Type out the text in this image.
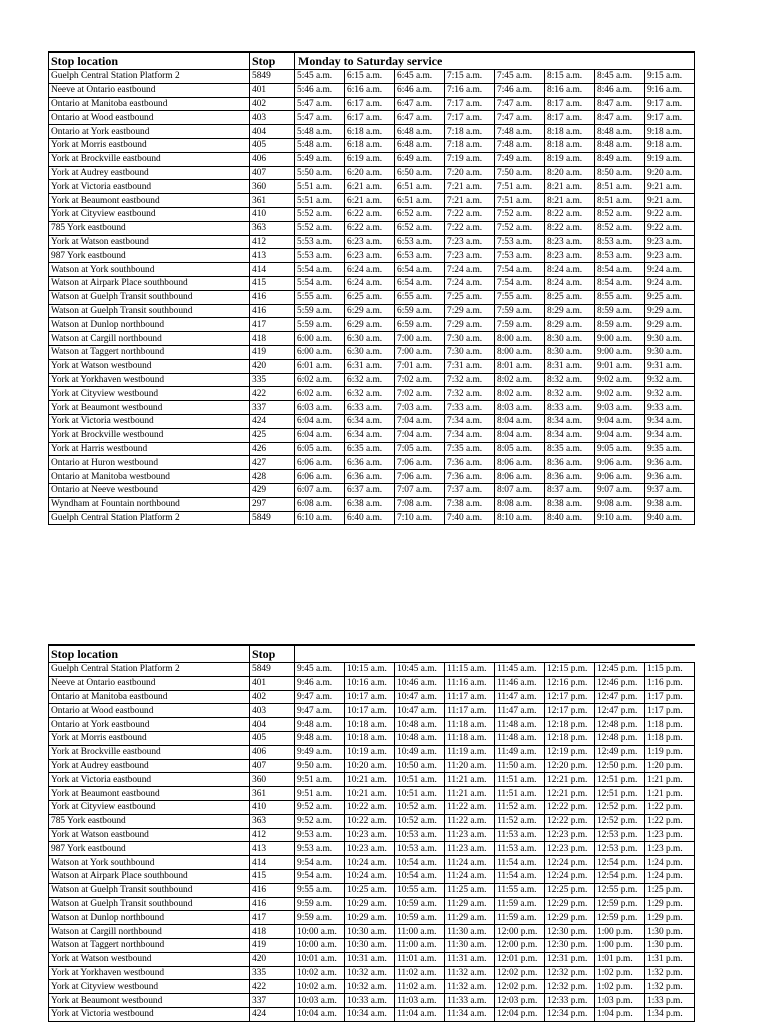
Stop location	Stop	Monday to Saturday service							
Guelph Central Station Platform 2	5849	5:45 a.m.	6:15 a.m.	6:45 a.m.	7:15 a.m.	7:45 a.m.	8:15 a.m.	8:45 a.m.	9:15 a.m.
Neeve at Ontario eastbound	401	5:46 a.m.	6:16 a.m.	6:46 a.m.	7:16 a.m.	7:46 a.m.	8:16 a.m.	8:46 a.m.	9:16 a.m.
Ontario at Manitoba eastbound	402	5:47 a.m.	6:17 a.m.	6:47 a.m.	7:17 a.m.	7:47 a.m.	8:17 a.m.	8:47 a.m.	9:17 a.m.
Ontario at Wood eastbound	403	5:47 a.m.	6:17 a.m.	6:47 a.m.	7:17 a.m.	7:47 a.m.	8:17 a.m.	8:47 a.m.	9:17 a.m.
Ontario at York eastbound	404	5:48 a.m.	6:18 a.m.	6:48 a.m.	7:18 a.m.	7:48 a.m.	8:18 a.m.	8:48 a.m.	9:18 a.m.
York at Morris eastbound	405	5:48 a.m.	6:18 a.m.	6:48 a.m.	7:18 a.m.	7:48 a.m.	8:18 a.m.	8:48 a.m.	9:18 a.m.
York at Brockville eastbound	406	5:49 a.m.	6:19 a.m.	6:49 a.m.	7:19 a.m.	7:49 a.m.	8:19 a.m.	8:49 a.m.	9:19 a.m.
York at Audrey eastbound	407	5:50 a.m.	6:20 a.m.	6:50 a.m.	7:20 a.m.	7:50 a.m.	8:20 a.m.	8:50 a.m.	9:20 a.m.
York at Victoria eastbound	360	5:51 a.m.	6:21 a.m.	6:51 a.m.	7:21 a.m.	7:51 a.m.	8:21 a.m.	8:51 a.m.	9:21 a.m.
York at Beaumont eastbound	361	5:51 a.m.	6:21 a.m.	6:51 a.m.	7:21 a.m.	7:51 a.m.	8:21 a.m.	8:51 a.m.	9:21 a.m.
York at Cityview eastbound	410	5:52 a.m.	6:22 a.m.	6:52 a.m.	7:22 a.m.	7:52 a.m.	8:22 a.m.	8:52 a.m.	9:22 a.m.
785 York eastbound	363	5:52 a.m.	6:22 a.m.	6:52 a.m.	7:22 a.m.	7:52 a.m.	8:22 a.m.	8:52 a.m.	9:22 a.m.
York at Watson eastbound	412	5:53 a.m.	6:23 a.m.	6:53 a.m.	7:23 a.m.	7:53 a.m.	8:23 a.m.	8:53 a.m.	9:23 a.m.
987 York eastbound	413	5:53 a.m.	6:23 a.m.	6:53 a.m.	7:23 a.m.	7:53 a.m.	8:23 a.m.	8:53 a.m.	9:23 a.m.
Watson at York southbound	414	5:54 a.m.	6:24 a.m.	6:54 a.m.	7:24 a.m.	7:54 a.m.	8:24 a.m.	8:54 a.m.	9:24 a.m.
Watson at Airpark Place southbound	415	5:54 a.m.	6:24 a.m.	6:54 a.m.	7:24 a.m.	7:54 a.m.	8:24 a.m.	8:54 a.m.	9:24 a.m.
Watson at Guelph Transit southbound	416	5:55 a.m.	6:25 a.m.	6:55 a.m.	7:25 a.m.	7:55 a.m.	8:25 a.m.	8:55 a.m.	9:25 a.m.
Watson at Guelph Transit southbound	416	5:59 a.m.	6:29 a.m.	6:59 a.m.	7:29 a.m.	7:59 a.m.	8:29 a.m.	8:59 a.m.	9:29 a.m.
Watson at Dunlop northbound	417	5:59 a.m.	6:29 a.m.	6:59 a.m.	7:29 a.m.	7:59 a.m.	8:29 a.m.	8:59 a.m.	9:29 a.m.
Watson at Cargill northbound	418	6:00 a.m.	6:30 a.m.	7:00 a.m.	7:30 a.m.	8:00 a.m.	8:30 a.m.	9:00 a.m.	9:30 a.m.
Watson at Taggert northbound	419	6:00 a.m.	6:30 a.m.	7:00 a.m.	7:30 a.m.	8:00 a.m.	8:30 a.m.	9:00 a.m.	9:30 a.m.
York at Watson westbound	420	6:01 a.m.	6:31 a.m.	7:01 a.m.	7:31 a.m.	8:01 a.m.	8:31 a.m.	9:01 a.m.	9:31 a.m.
York at Yorkhaven westbound	335	6:02 a.m.	6:32 a.m.	7:02 a.m.	7:32 a.m.	8:02 a.m.	8:32 a.m.	9:02 a.m.	9:32 a.m.
York at Cityview westbound	422	6:02 a.m.	6:32 a.m.	7:02 a.m.	7:32 a.m.	8:02 a.m.	8:32 a.m.	9:02 a.m.	9:32 a.m.
York at Beaumont westbound	337	6:03 a.m.	6:33 a.m.	7:03 a.m.	7:33 a.m.	8:03 a.m.	8:33 a.m.	9:03 a.m.	9:33 a.m.
York at Victoria westbound	424	6:04 a.m.	6:34 a.m.	7:04 a.m.	7:34 a.m.	8:04 a.m.	8:34 a.m.	9:04 a.m.	9:34 a.m.
York at Brockville westbound	425	6:04 a.m.	6:34 a.m.	7:04 a.m.	7:34 a.m.	8:04 a.m.	8:34 a.m.	9:04 a.m.	9:34 a.m.
York at Harris westbound	426	6:05 a.m.	6:35 a.m.	7:05 a.m.	7:35 a.m.	8:05 a.m.	8:35 a.m.	9:05 a.m.	9:35 a.m.
Ontario at Huron westbound	427	6:06 a.m.	6:36 a.m.	7:06 a.m.	7:36 a.m.	8:06 a.m.	8:36 a.m.	9:06 a.m.	9:36 a.m.
Ontario at Manitoba westbound	428	6:06 a.m.	6:36 a.m.	7:06 a.m.	7:36 a.m.	8:06 a.m.	8:36 a.m.	9:06 a.m.	9:36 a.m.
Ontario at Neeve westbound	429	6:07 a.m.	6:37 a.m.	7:07 a.m.	7:37 a.m.	8:07 a.m.	8:37 a.m.	9:07 a.m.	9:37 a.m.
Wyndham at Fountain northbound	297	6:08 a.m.	6:38 a.m.	7:08 a.m.	7:38 a.m.	8:08 a.m.	8:38 a.m.	9:08 a.m.	9:38 a.m.
Guelph Central Station Platform 2	5849	6:10 a.m.	6:40 a.m.	7:10 a.m.	7:40 a.m.	8:10 a.m.	8:40 a.m.	9:10 a.m.	9:40 a.m.
Stop location	Stop								
Guelph Central Station Platform 2	5849	9:45 a.m.	10:15 a.m.	10:45 a.m.	11:15 a.m.	11:45 a.m.	12:15 p.m.	12:45 p.m.	1:15 p.m.
Neeve at Ontario eastbound	401	9:46 a.m.	10:16 a.m.	10:46 a.m.	11:16 a.m.	11:46 a.m.	12:16 p.m.	12:46 p.m.	1:16 p.m.
Ontario at Manitoba eastbound	402	9:47 a.m.	10:17 a.m.	10:47 a.m.	11:17 a.m.	11:47 a.m.	12:17 p.m.	12:47 p.m.	1:17 p.m.
Ontario at Wood eastbound	403	9:47 a.m.	10:17 a.m.	10:47 a.m.	11:17 a.m.	11:47 a.m.	12:17 p.m.	12:47 p.m.	1:17 p.m.
Ontario at York eastbound	404	9:48 a.m.	10:18 a.m.	10:48 a.m.	11:18 a.m.	11:48 a.m.	12:18 p.m.	12:48 p.m.	1:18 p.m.
York at Morris eastbound	405	9:48 a.m.	10:18 a.m.	10:48 a.m.	11:18 a.m.	11:48 a.m.	12:18 p.m.	12:48 p.m.	1:18 p.m.
York at Brockville eastbound	406	9:49 a.m.	10:19 a.m.	10:49 a.m.	11:19 a.m.	11:49 a.m.	12:19 p.m.	12:49 p.m.	1:19 p.m.
York at Audrey eastbound	407	9:50 a.m.	10:20 a.m.	10:50 a.m.	11:20 a.m.	11:50 a.m.	12:20 p.m.	12:50 p.m.	1:20 p.m.
York at Victoria eastbound	360	9:51 a.m.	10:21 a.m.	10:51 a.m.	11:21 a.m.	11:51 a.m.	12:21 p.m.	12:51 p.m.	1:21 p.m.
York at Beaumont eastbound	361	9:51 a.m.	10:21 a.m.	10:51 a.m.	11:21 a.m.	11:51 a.m.	12:21 p.m.	12:51 p.m.	1:21 p.m.
York at Cityview eastbound	410	9:52 a.m.	10:22 a.m.	10:52 a.m.	11:22 a.m.	11:52 a.m.	12:22 p.m.	12:52 p.m.	1:22 p.m.
785 York eastbound	363	9:52 a.m.	10:22 a.m.	10:52 a.m.	11:22 a.m.	11:52 a.m.	12:22 p.m.	12:52 p.m.	1:22 p.m.
York at Watson eastbound	412	9:53 a.m.	10:23 a.m.	10:53 a.m.	11:23 a.m.	11:53 a.m.	12:23 p.m.	12:53 p.m.	1:23 p.m.
987 York eastbound	413	9:53 a.m.	10:23 a.m.	10:53 a.m.	11:23 a.m.	11:53 a.m.	12:23 p.m.	12:53 p.m.	1:23 p.m.
Watson at York southbound	414	9:54 a.m.	10:24 a.m.	10:54 a.m.	11:24 a.m.	11:54 a.m.	12:24 p.m.	12:54 p.m.	1:24 p.m.
Watson at Airpark Place southbound	415	9:54 a.m.	10:24 a.m.	10:54 a.m.	11:24 a.m.	11:54 a.m.	12:24 p.m.	12:54 p.m.	1:24 p.m.
Watson at Guelph Transit southbound	416	9:55 a.m.	10:25 a.m.	10:55 a.m.	11:25 a.m.	11:55 a.m.	12:25 p.m.	12:55 p.m.	1:25 p.m.
Watson at Guelph Transit southbound	416	9:59 a.m.	10:29 a.m.	10:59 a.m.	11:29 a.m.	11:59 a.m.	12:29 p.m.	12:59 p.m.	1:29 p.m.
Watson at Dunlop northbound	417	9:59 a.m.	10:29 a.m.	10:59 a.m.	11:29 a.m.	11:59 a.m.	12:29 p.m.	12:59 p.m.	1:29 p.m.
Watson at Cargill northbound	418	10:00 a.m.	10:30 a.m.	11:00 a.m.	11:30 a.m.	12:00 p.m.	12:30 p.m.	1:00 p.m.	1:30 p.m.
Watson at Taggert northbound	419	10:00 a.m.	10:30 a.m.	11:00 a.m.	11:30 a.m.	12:00 p.m.	12:30 p.m.	1:00 p.m.	1:30 p.m.
York at Watson westbound	420	10:01 a.m.	10:31 a.m.	11:01 a.m.	11:31 a.m.	12:01 p.m.	12:31 p.m.	1:01 p.m.	1:31 p.m.
York at Yorkhaven westbound	335	10:02 a.m.	10:32 a.m.	11:02 a.m.	11:32 a.m.	12:02 p.m.	12:32 p.m.	1:02 p.m.	1:32 p.m.
York at Cityview westbound	422	10:02 a.m.	10:32 a.m.	11:02 a.m.	11:32 a.m.	12:02 p.m.	12:32 p.m.	1:02 p.m.	1:32 p.m.
York at Beaumont westbound	337	10:03 a.m.	10:33 a.m.	11:03 a.m.	11:33 a.m.	12:03 p.m.	12:33 p.m.	1:03 p.m.	1:33 p.m.
York at Victoria westbound	424	10:04 a.m.	10:34 a.m.	11:04 a.m.	11:34 a.m.	12:04 p.m.	12:34 p.m.	1:04 p.m.	1:34 p.m.
